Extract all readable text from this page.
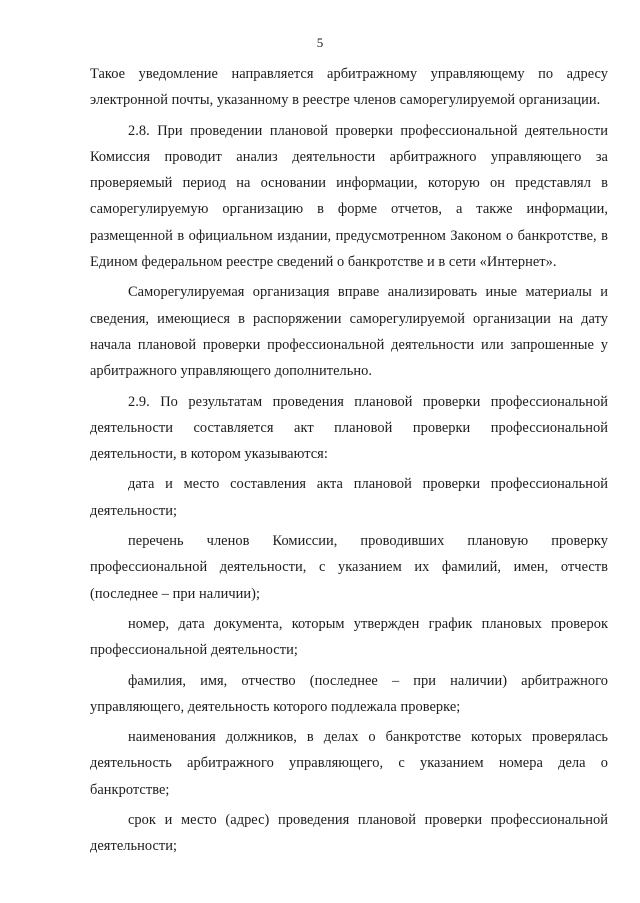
5

Такое уведомление направляется арбитражному управляющему по адресу электронной почты, указанному в реестре членов саморегулируемой организации.

2.8. При проведении плановой проверки профессиональной деятельности Комиссия проводит анализ деятельности арбитражного управляющего за проверяемый период на основании информации, которую он представлял в саморегулируемую организацию в форме отчетов, а также информации, размещенной в официальном издании, предусмотренном Законом о банкротстве, в Едином федеральном реестре сведений о банкротстве и в сети «Интернет».

Саморегулируемая организация вправе анализировать иные материалы и сведения, имеющиеся в распоряжении саморегулируемой организации на дату начала плановой проверки профессиональной деятельности или запрошенные у арбитражного управляющего дополнительно.

2.9. По результатам проведения плановой проверки профессиональной деятельности составляется акт плановой проверки профессиональной деятельности, в котором указываются:

дата и место составления акта плановой проверки профессиональной деятельности;

перечень членов Комиссии, проводивших плановую проверку профессиональной деятельности, с указанием их фамилий, имен, отчеств (последнее – при наличии);

номер, дата документа, которым утвержден график плановых проверок профессиональной деятельности;

фамилия, имя, отчество (последнее – при наличии) арбитражного управляющего, деятельность которого подлежала проверке;

наименования должников, в делах о банкротстве которых проверялась деятельность арбитражного управляющего, с указанием номера дела о банкротстве;

срок и место (адрес) проведения плановой проверки профессиональной деятельности;
